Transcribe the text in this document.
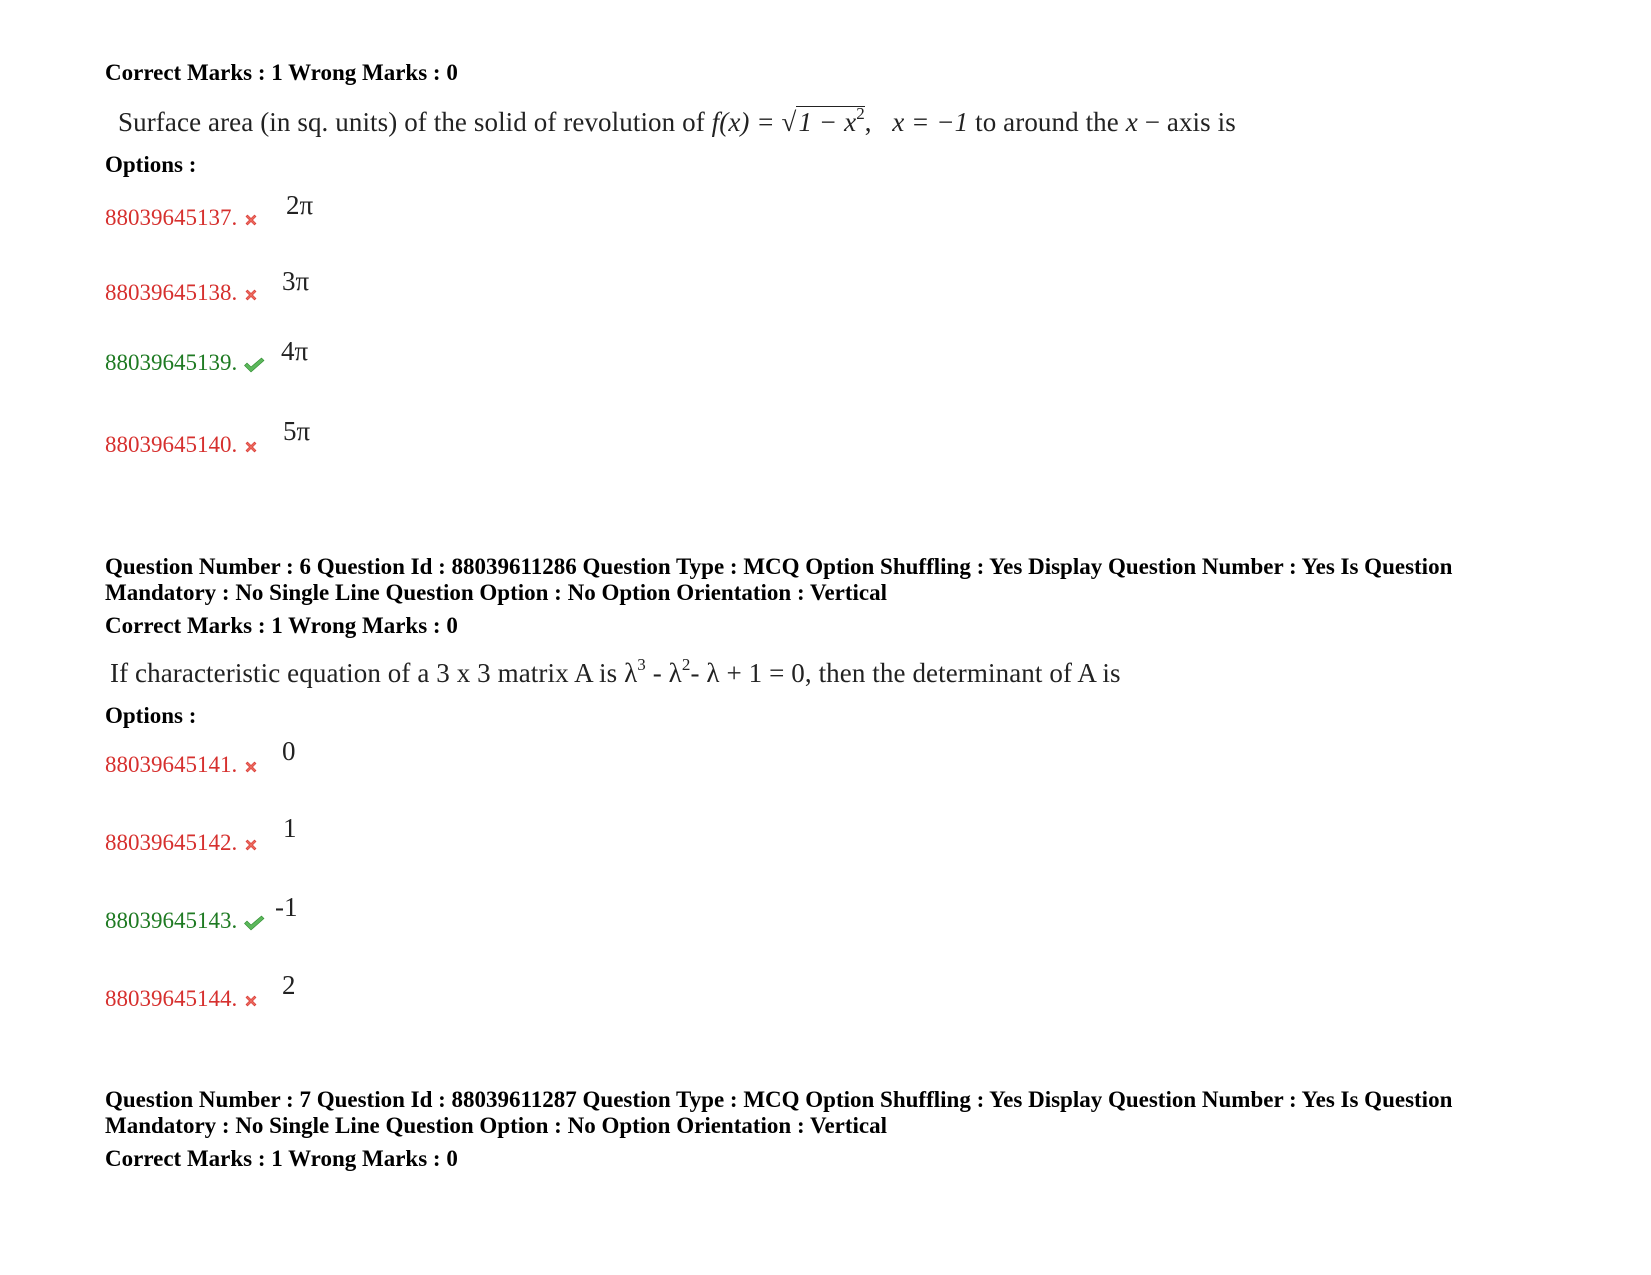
Correct Marks : 1 Wrong Marks : 0
Surface area (in sq. units) of the solid of revolution of $f(x) = √1 - x^2$, x = −1 to around the x − axis is
Options :
88039645137.	2π
88039645138.	3π
88039645139.	4π
88039645140.	5π
Question Number : 6 Question Id : 88039611286 Question Type : MCQ Option Shuffling : Yes Display Question Number : Yes Is Question
Mandatory : No Single Line Question Option : No Option Orientation : Vertical
Correct Marks : 1 Wrong Marks : 0
If characteristic equation of a 3 x 3 matrix A is $\lambda^3 - \lambda^2-$ λ + 1 = 0, then the determinant of A is
Options :
88039645141.	0
88039645142.	1
88039645143.	-1
88039645144.	2
Question Number : 7 Question Id : 88039611287 Question Type : MCQ Option Shuffling : Yes Display Question Number : Yes Is Question
Mandatory : No Single Line Question Option : No Option Orientation : Vertical
Correct Marks : 1 Wrong Marks : 0
